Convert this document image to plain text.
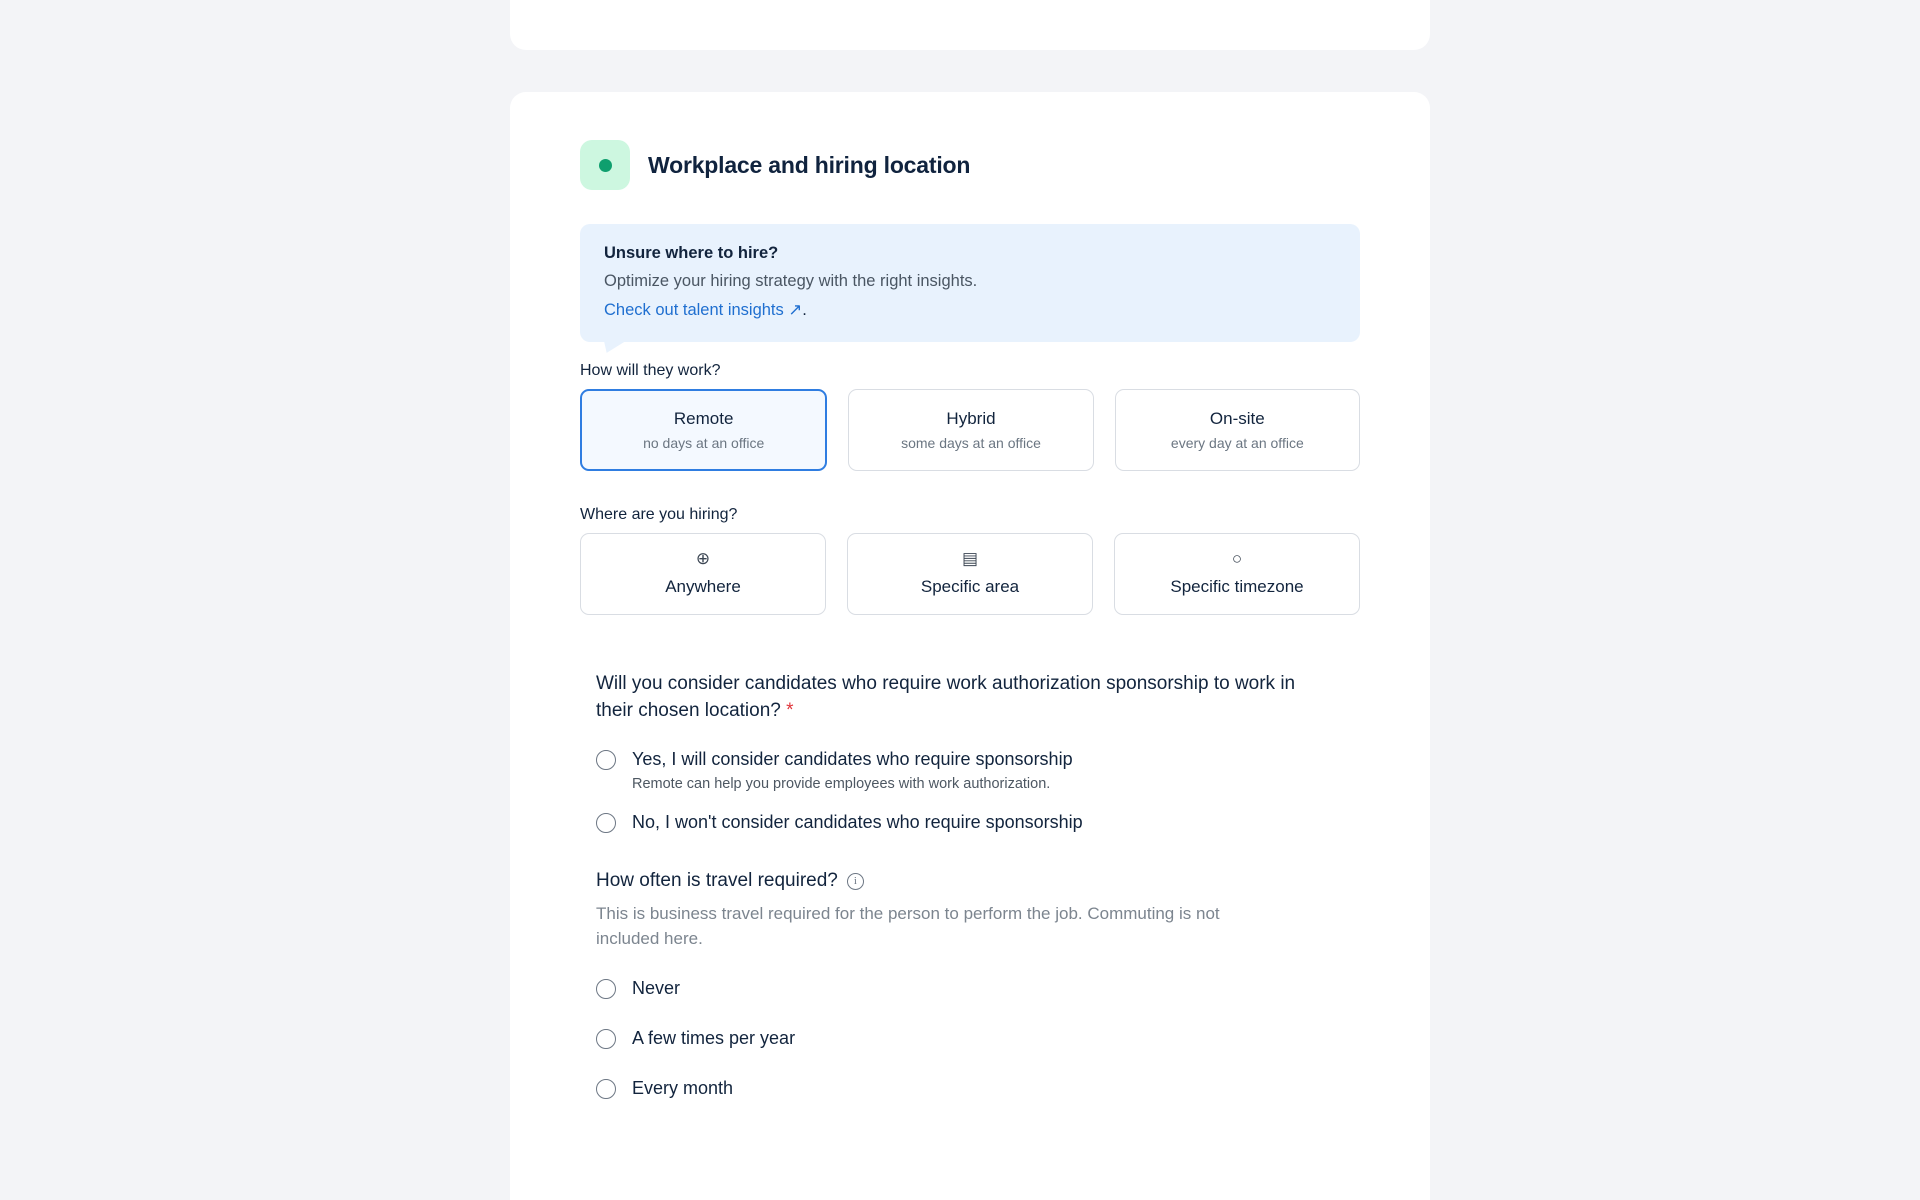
Workplace and hiring location
Unsure where to hire?
Optimize your hiring strategy with the right insights.
Check out talent insights ↗.
How will they work?
Remote
no days at an office
Hybrid
some days at an office
On-site
every day at an office
Where are you hiring?
⊕
Anywhere
▤
Specific area
○
Specific timezone
Will you consider candidates who require work authorization sponsorship to work in their chosen location? *
Yes, I will consider candidates who require sponsorship
Remote can help you provide employees with work authorization.
No, I won't consider candidates who require sponsorship
How often is travel required?	i
This is business travel required for the person to perform the job. Commuting is not included here.
Never
A few times per year
Every month
